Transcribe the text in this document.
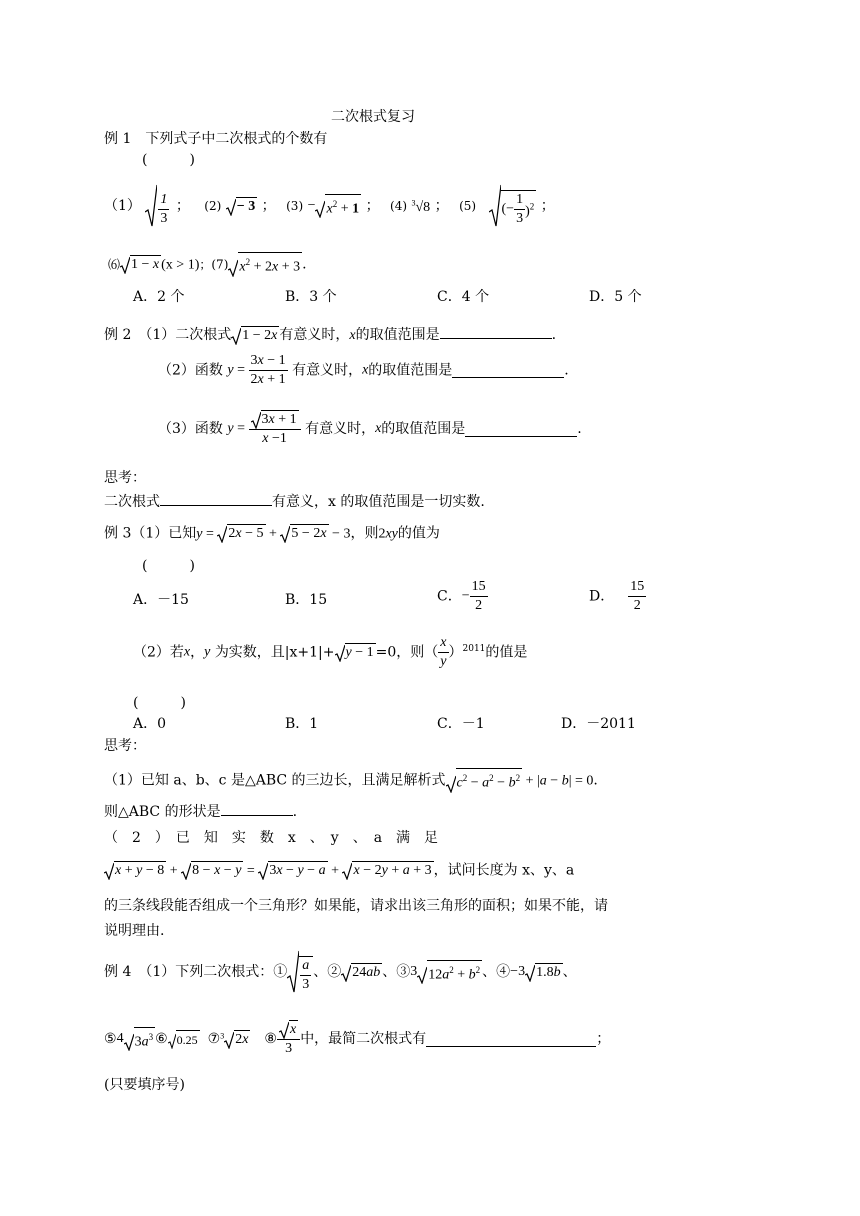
二次根式复习
例 1　下列式子中二次根式的个数有
(　　　)
$(1) \frac{1}{3}$ ； (2) − 3 ； $(3) - x^2 + 1$ ； (4) $^3$√8 ； (5) (− $\frac{1}{3} )^2$ ；
⑹ 1 − x (x > 1)；(7) $x^2 + 2x + 3$ .
A．2 个	B．3 个	C．4 个	D．5 个
例 2　（1）二次根式 1 − 2x 有意义时，x的取值范围是	.
（2）函数 $y = \frac{3x - 1}{2x + 1}$ 有意义时，x的取值范围是	.
（3）函数 $y = \frac{3x + 1}{x -1}$ 有意义时，x的取值范围是	.
思考：
二次根式	有意义，x 的取值范围是一切实数.
例 3（1）已知y = 2x − 5 + 5 − 2x − 3，则2xy的值为
(　　　)
A．－15	B．15	C．− $\frac{15}{2}$	D． $\frac{15}{2}$
（2）若x，y 为实数，且|x+1|+ y − 1 =0，则（ $\frac{x}{y} )^{2011}$的值是
(　　　)
A．0	B．1	C．－1	D．－2011
思考：
（1）已知 a、b、c 是△ABC 的三边长，且满足解析式 $c^2 - a^2 - b^2 + |a - b| = 0$.
则△ABC 的形状是	.
（　2　）　已　知　实　数　x　、　y　、　a　满　足
x + y − 8 + 8 − x − y = 3x − y − a + x − 2y + a + 3 ，试问长度为 x、y、a
的三条线段能否组成一个三角形？如果能，请求出该三角形的面积；如果不能，请
说明理由.
例 4　（1）下列二次根式：① $\frac{a}{3}$ 、② 24ab 、③3 $12a^2 + b^2$ 、④−3 1.8b 、
⑤4 $3a^3$ ⑥ 0.25 ⑦$^3$ 2x ⑧ $\frac{x}{3}$ 中，最简二次根式有	；
(只要填序号)
